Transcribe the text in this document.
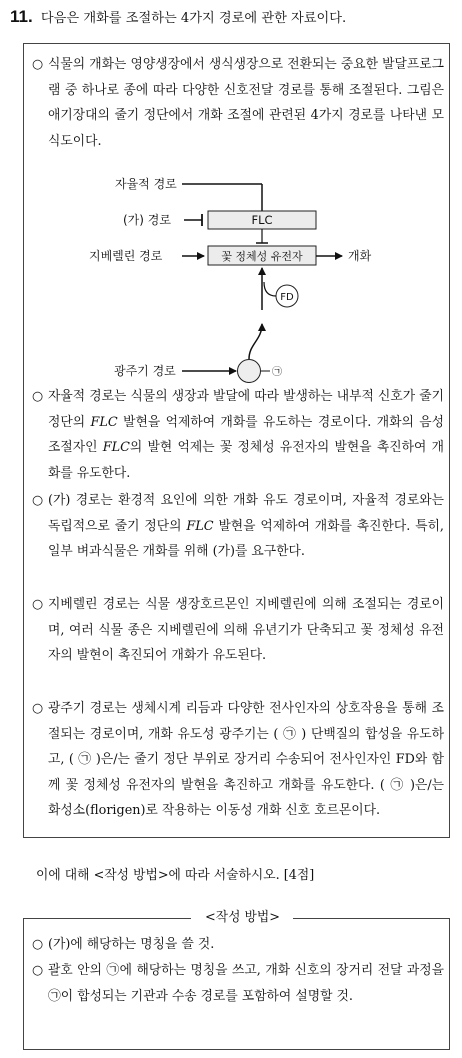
11. 다음은 개화를 조절하는 4가지 경로에 관한 자료이다.
○ 식물의 개화는 영양생장에서 생식생장으로 전환되는 중요한 발달프로그램 중 하나로 종에 따라 다양한 신호전달 경로를 통해 조절된다. 그림은 애기장대의 줄기 정단에서 개화 조절에 관련된 4가지 경로를 나타낸 모식도이다.
자율적 경로
(가) 경로	FLC
지베렐린 경로	꽃 정체성 유전자	개화
FD
광주기 경로	㉠
○ 자율적 경로는 식물의 생장과 발달에 따라 발생하는 내부적 신호가 줄기 정단의 FLC 발현을 억제하여 개화를 유도하는 경로이다. 개화의 음성조절자인 FLC의 발현 억제는 꽃 정체성 유전자의 발현을 촉진하여 개화를 유도한다.
○ (가) 경로는 환경적 요인에 의한 개화 유도 경로이며, 자율적 경로와는 독립적으로 줄기 정단의 FLC 발현을 억제하여 개화를 촉진한다. 특히, 일부 벼과식물은 개화를 위해 (가)를 요구한다.
○ 지베렐린 경로는 식물 생장호르몬인 지베렐린에 의해 조절되는 경로이며, 여러 식물 종은 지베렐린에 의해 유년기가 단축되고 꽃 정체성 유전자의 발현이 촉진되어 개화가 유도된다.
○ 광주기 경로는 생체시계 리듬과 다양한 전사인자의 상호작용을 통해 조절되는 경로이며, 개화 유도성 광주기는 ( ㉠ ) 단백질의 합성을 유도하고, ( ㉠ )은/는 줄기 정단 부위로 장거리 수송되어 전사인자인 FD와 함께 꽃 정체성 유전자의 발현을 촉진하고 개화를 유도한다. ( ㉠ )은/는 화성소(florigen)로 작용하는 이동성 개화 신호 호르몬이다.
이에 대해 <작성 방법>에 따라 서술하시오. [4점]
<작성 방법>
○ (가)에 해당하는 명칭을 쓸 것.
○ 괄호 안의 ㉠에 해당하는 명칭을 쓰고, 개화 신호의 장거리 전달 과정을 ㉠이 합성되는 기관과 수송 경로를 포함하여 설명할 것.
